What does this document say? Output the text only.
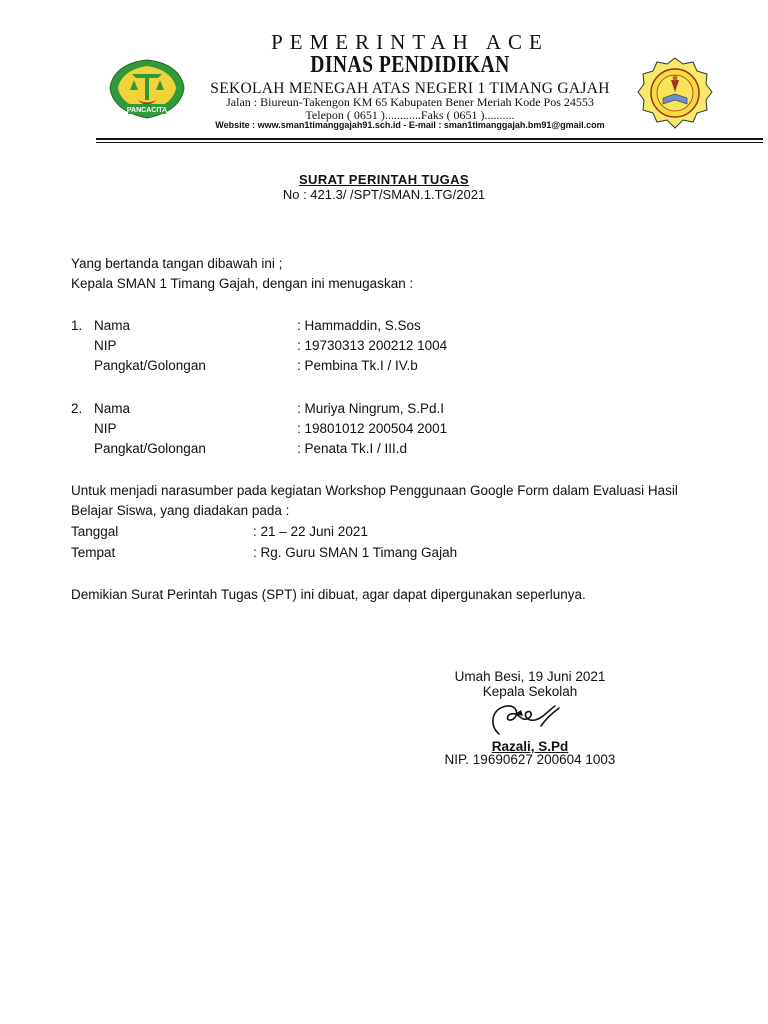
PANCACITA
PEMERINTAH ACE
DINAS PENDIDIKAN
SEKOLAH MENEGAH ATAS NEGERI 1 TIMANG GAJAH
Jalan : Biureun-Takengon KM 65 Kabupaten Bener Meriah Kode Pos 24553
Telepon ( 0651 )............Faks ( 0651 )..........
Website : www.sman1timanggajah91.sch.id - E-mail : sman1timanggajah.bm91@gmail.com
SURAT PERINTAH TUGAS
No : 421.3/ /SPT/SMAN.1.TG/2021
Yang bertanda tangan dibawah ini ;
Kepala SMAN 1 Timang Gajah, dengan ini menugaskan :
1. Nama	: Hammaddin, S.Sos
NIP	: 19730313 200212 1004
Pangkat/Golongan	: Pembina Tk.I / IV.b
2. Nama	: Muriya Ningrum, S.Pd.I
NIP	: 19801012 200504 2001
Pangkat/Golongan	: Penata Tk.I / III.d
Untuk menjadi narasumber pada kegiatan Workshop Penggunaan Google Form dalam Evaluasi Hasil
Belajar Siswa, yang diadakan pada :
Tanggal	: 21 – 22 Juni 2021
Tempat	: Rg. Guru SMAN 1 Timang Gajah
Demikian Surat Perintah Tugas (SPT) ini dibuat, agar dapat dipergunakan seperlunya.
Umah Besi, 19 Juni 2021
Kepala Sekolah
Razali, S.Pd
NIP. 19690627 200604 1003
